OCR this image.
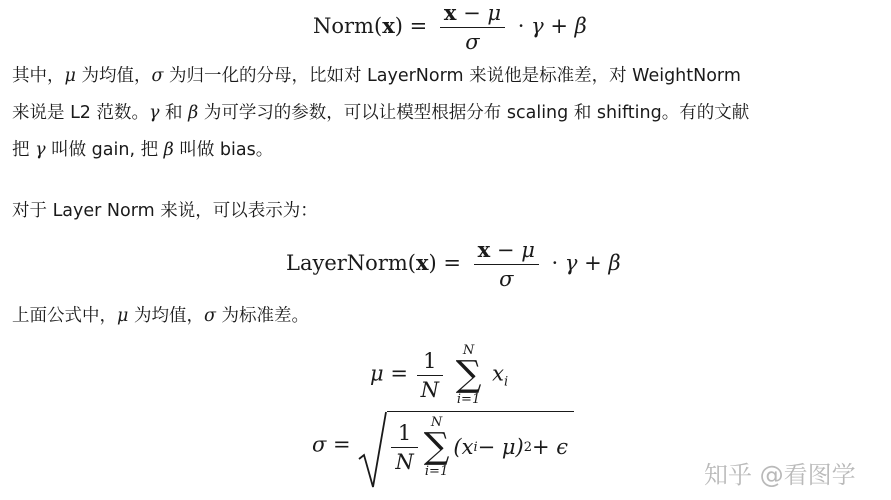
Norm(x) = $\frac{x - \mu}{\sigma} \cdot \gamma + \beta$
其中，μ 为均值，σ 为归一化的分母，比如对 LayerNorm 来说他是标准差，对 WeightNorm
来说是 L2 范数。γ 和 β 为可学习的参数，可以让模型根据分布 scaling 和 shifting。有的文献
把 γ 叫做 gain, 把 β 叫做 bias。
对于 Layer Norm 来说，可以表示为：
LayerNorm(x) = $\frac{x - \mu}{\sigma} \cdot \gamma + \beta$
上面公式中，μ 为均值，σ 为标准差。
$\mu = \frac{1}{N}$
	N
∑
i=1
$x_i$
$\sigma = \frac{1}{N}$	N
∑
i=1
(x i − μ) 2 + ϵ
知乎 @看图学
